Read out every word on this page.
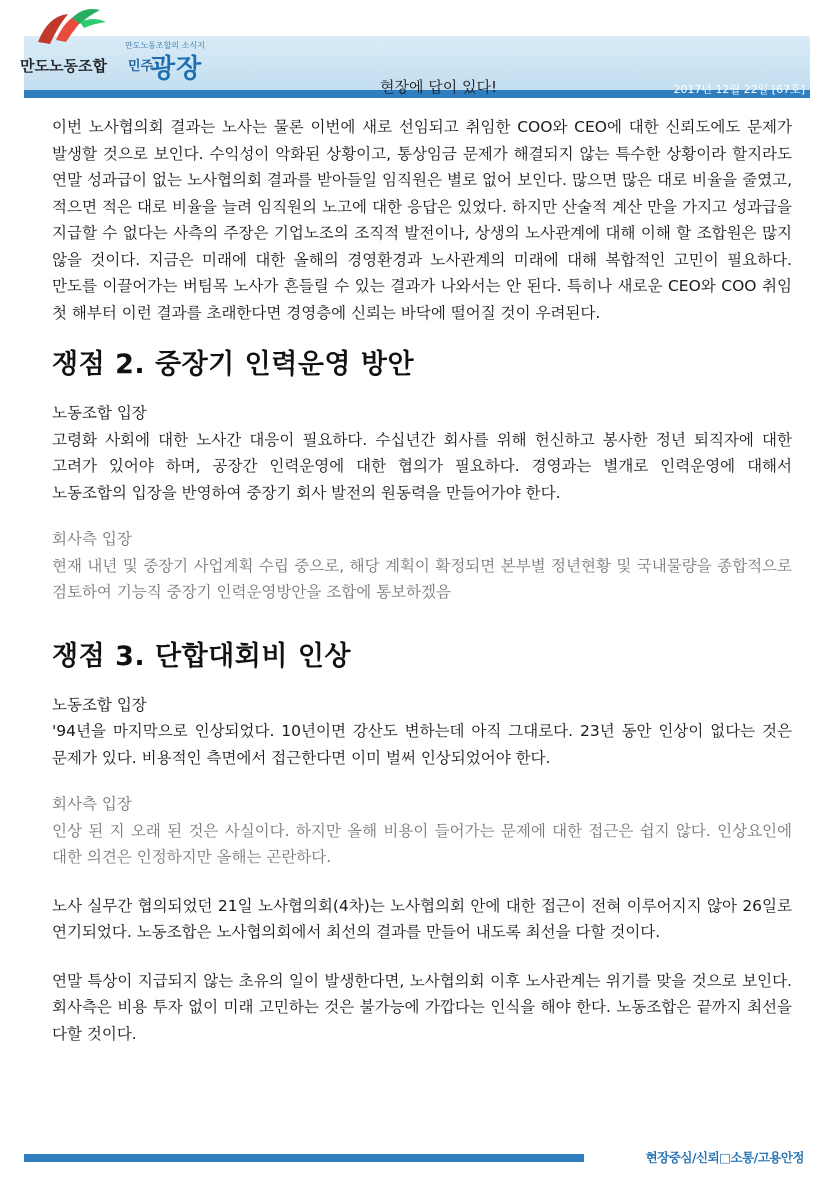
만도노동조합
만도노동조합의 소식지
민주
광장
현장에 답이 있다!	2017년 12월 22일 [67호]

이번 노사협의회 결과는 노사는 물론 이번에 새로 선임되고 취임한 COO와 CEO에 대한 신뢰도에도 문제가 발생할 것으로 보인다. 수익성이 악화된 상황이고, 통상임금 문제가 해결되지 않는 특수한 상황이라 할지라도 연말 성과급이 없는 노사협의회 결과를 받아들일 임직원은 별로 없어 보인다. 많으면 많은 대로 비율을 줄였고, 적으면 적은 대로 비율을 늘려 임직원의 노고에 대한 응답은 있었다. 하지만 산술적 계산 만을 가지고 성과급을 지급할 수 없다는 사측의 주장은 기업노조의 조직적 발전이나, 상생의 노사관계에 대해 이해 할 조합원은 많지 않을 것이다. 지금은 미래에 대한 올해의 경영환경과 노사관계의 미래에 대해 복합적인 고민이 필요하다. 만도를 이끌어가는 버팀목 노사가 흔들릴 수 있는 결과가 나와서는 안 된다. 특히나 새로운 CEO와 COO 취임 첫 해부터 이런 결과를 초래한다면 경영층에 신뢰는 바닥에 떨어질 것이 우려된다.

쟁점 2. 중장기 인력운영 방안

노동조합 입장

고령화 사회에 대한 노사간 대응이 필요하다. 수십년간 회사를 위해 헌신하고 봉사한 정년 퇴직자에 대한 고려가 있어야 하며, 공장간 인력운영에 대한 협의가 필요하다. 경영과는 별개로 인력운영에 대해서 노동조합의 입장을 반영하여 중장기 회사 발전의 원동력을 만들어가야 한다.

회사측 입장

현재 내년 및 중장기 사업계획 수립 중으로, 해당 계획이 확정되면 본부별 정년현황 및 국내물량을 종합적으로 검토하여 기능직 중장기 인력운영방안을 조합에 통보하겠음

쟁점 3. 단합대회비 인상

노동조합 입장

'94년을 마지막으로 인상되었다. 10년이면 강산도 변하는데 아직 그대로다. 23년 동안 인상이 없다는 것은 문제가 있다. 비용적인 측면에서 접근한다면 이미 벌써 인상되었어야 한다.

회사측 입장

인상 된 지 오래 된 것은 사실이다. 하지만 올해 비용이 들어가는 문제에 대한 접근은 쉽지 않다. 인상요인에 대한 의견은 인정하지만 올해는 곤란하다.

노사 실무간 협의되었던 21일 노사협의회(4차)는 노사협의회 안에 대한 접근이 전혀 이루어지지 않아 26일로 연기되었다. 노동조합은 노사협의회에서 최선의 결과를 만들어 내도록 최선을 다할 것이다.

연말 특상이 지급되지 않는 초유의 일이 발생한다면, 노사협의회 이후 노사관계는 위기를 맞을 것으로 보인다. 회사측은 비용 투자 없이 미래 고민하는 것은 불가능에 가깝다는 인식을 해야 한다. 노동조합은 끝까지 최선을 다할 것이다.

현장중심/신뢰□소통/고용안정
